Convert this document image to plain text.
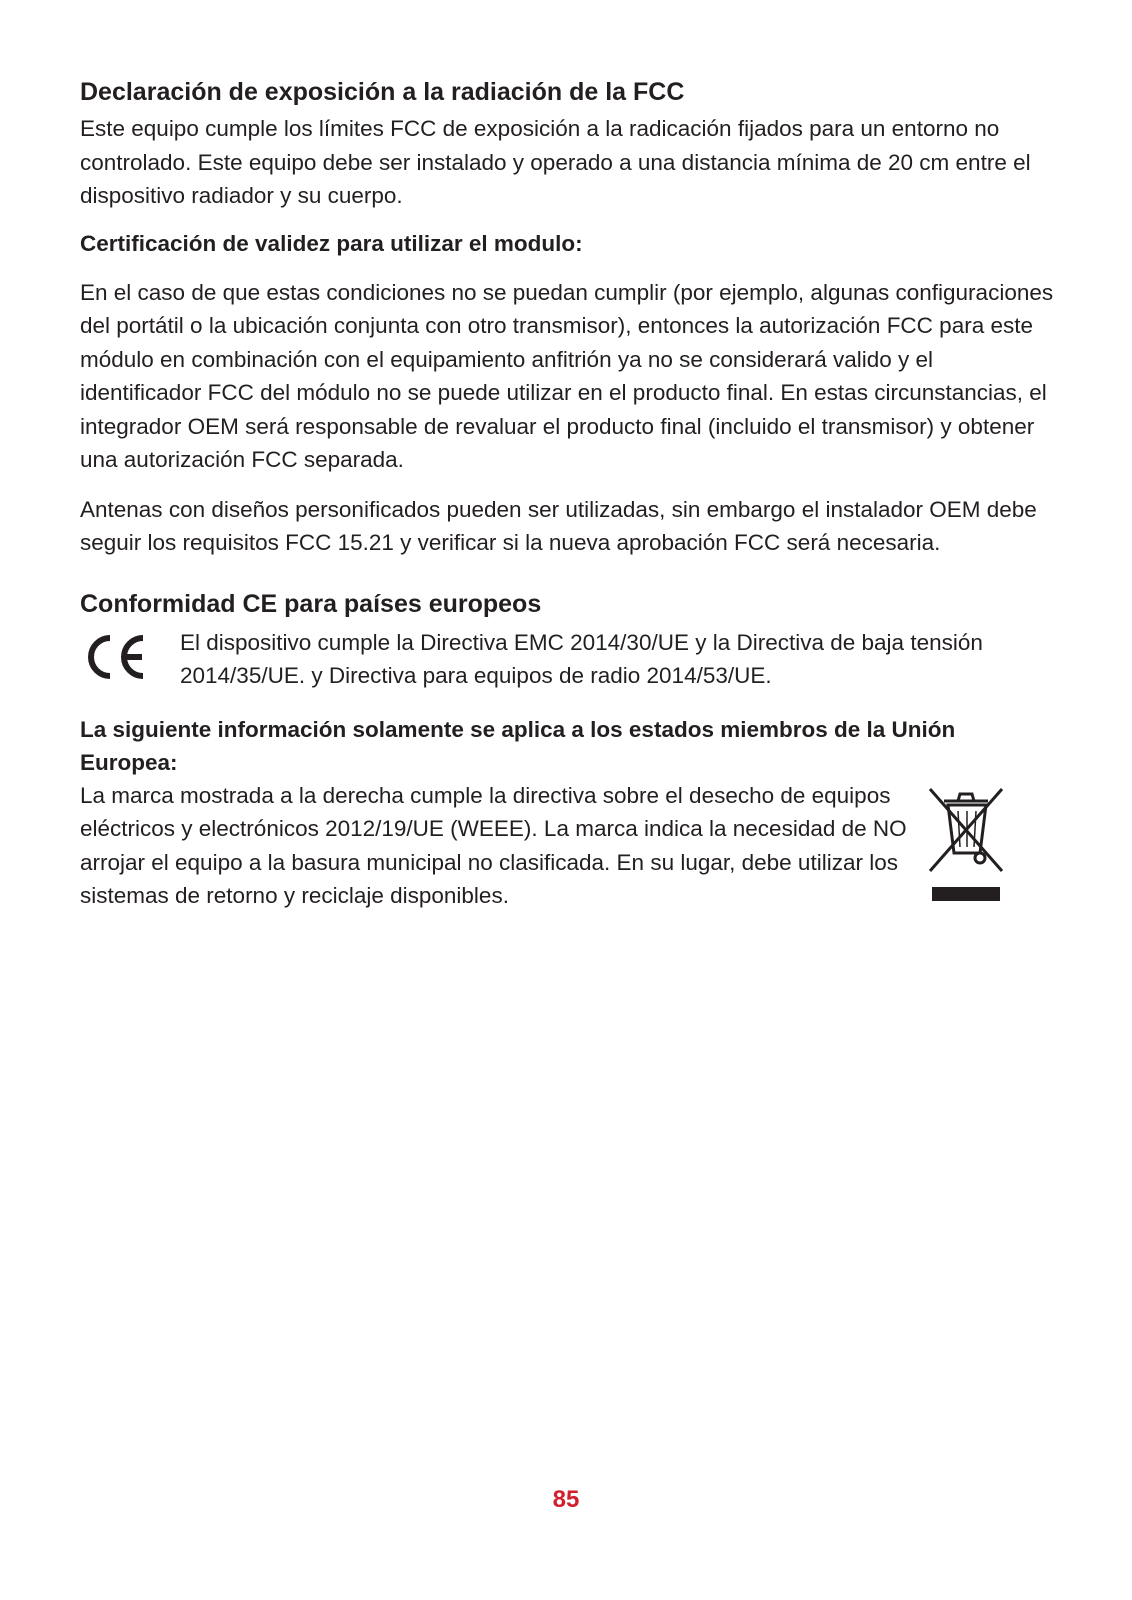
Declaración de exposición a la radiación de la FCC

Este equipo cumple los límites FCC de exposición a la radicación fijados para un entorno no controlado. Este equipo debe ser instalado y operado a una distancia mínima de 20 cm entre el dispositivo radiador y su cuerpo.

Certificación de validez para utilizar el modulo:

En el caso de que estas condiciones no se puedan cumplir (por ejemplo, algunas configuraciones del portátil o la ubicación conjunta con otro transmisor), entonces la autorización FCC para este módulo en combinación con el equipamiento anfitrión ya no se considerará valido y el identificador FCC del módulo no se puede utilizar en el producto final. En estas circunstancias, el integrador OEM será responsable de revaluar el producto final (incluido el transmisor) y obtener una autorización FCC separada.

Antenas con diseños personificados pueden ser utilizadas, sin embargo el instalador OEM debe seguir los requisitos FCC 15.21 y verificar si la nueva aprobación FCC será necesaria.

Conformidad CE para países europeos

El dispositivo cumple la Directiva EMC 2014/30/UE y la Directiva de baja tensión 2014/35/UE. y Directiva para equipos de radio 2014/53/UE.

La siguiente información solamente se aplica a los estados miembros de la Unión Europea:

La marca mostrada a la derecha cumple la directiva sobre el desecho de equipos eléctricos y electrónicos 2012/19/UE (WEEE). La marca indica la necesidad de NO arrojar el equipo a la basura municipal no clasificada. En su lugar, debe utilizar los sistemas de retorno y reciclaje disponibles.

85
